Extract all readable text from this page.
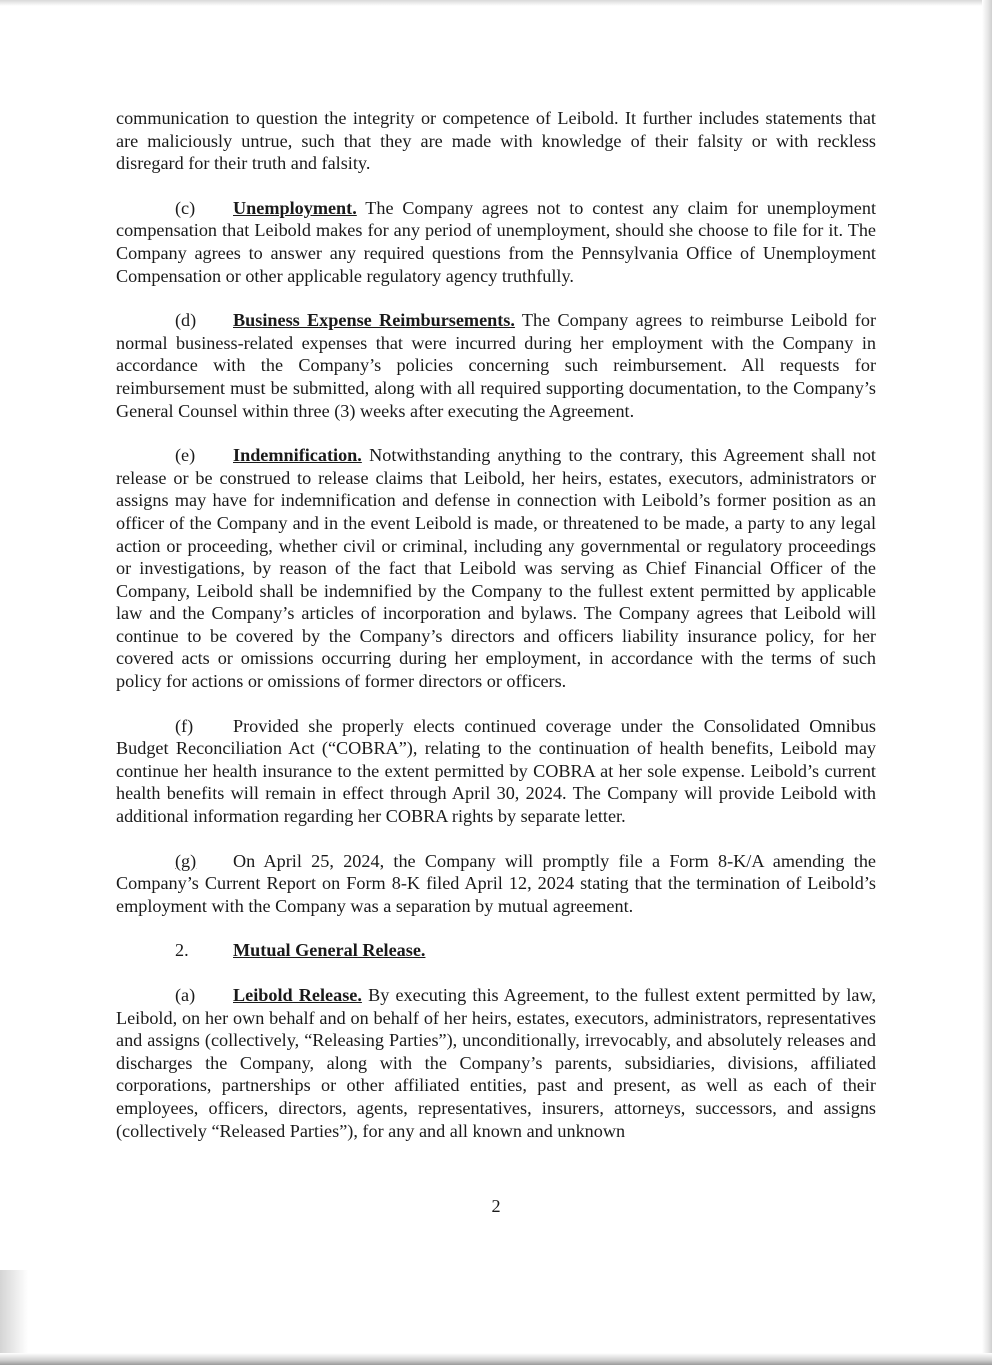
communication to question the integrity or competence of Leibold. It further includes statements that are maliciously untrue, such that they are made with knowledge of their falsity or with reckless disregard for their truth and falsity.

(c) Unemployment. The Company agrees not to contest any claim for unemployment compensation that Leibold makes for any period of unemployment, should she choose to file for it. The Company agrees to answer any required questions from the Pennsylvania Office of Unemployment Compensation or other applicable regulatory agency truthfully.

(d) Business Expense Reimbursements. The Company agrees to reimburse Leibold for normal business-related expenses that were incurred during her employment with the Company in accordance with the Company’s policies concerning such reimbursement. All requests for reimbursement must be submitted, along with all required supporting documentation, to the Company’s General Counsel within three (3) weeks after executing the Agreement.

(e) Indemnification. Notwithstanding anything to the contrary, this Agreement shall not release or be construed to release claims that Leibold, her heirs, estates, executors, administrators or assigns may have for indemnification and defense in connection with Leibold’s former position as an officer of the Company and in the event Leibold is made, or threatened to be made, a party to any legal action or proceeding, whether civil or criminal, including any governmental or regulatory proceedings or investigations, by reason of the fact that Leibold was serving as Chief Financial Officer of the Company, Leibold shall be indemnified by the Company to the fullest extent permitted by applicable law and the Company’s articles of incorporation and bylaws. The Company agrees that Leibold will continue to be covered by the Company’s directors and officers liability insurance policy, for her covered acts or omissions occurring during her employment, in accordance with the terms of such policy for actions or omissions of former directors or officers.

(f) Provided she properly elects continued coverage under the Consolidated Omnibus Budget Reconciliation Act (“COBRA”), relating to the continuation of health benefits, Leibold may continue her health insurance to the extent permitted by COBRA at her sole expense. Leibold’s current health benefits will remain in effect through April 30, 2024. The Company will provide Leibold with additional information regarding her COBRA rights by separate letter.

(g) On April 25, 2024, the Company will promptly file a Form 8-K/A amending the Company’s Current Report on Form 8-K filed April 12, 2024 stating that the termination of Leibold’s employment with the Company was a separation by mutual agreement.

2. Mutual General Release.

(a) Leibold Release. By executing this Agreement, to the fullest extent permitted by law, Leibold, on her own behalf and on behalf of her heirs, estates, executors, administrators, representatives and assigns (collectively, “Releasing Parties”), unconditionally, irrevocably, and absolutely releases and discharges the Company, along with the Company’s parents, subsidiaries, divisions, affiliated corporations, partnerships or other affiliated entities, past and present, as well as each of their employees, officers, directors, agents, representatives, insurers, attorneys, successors, and assigns (collectively “Released Parties”), for any and all known and unknown

2
